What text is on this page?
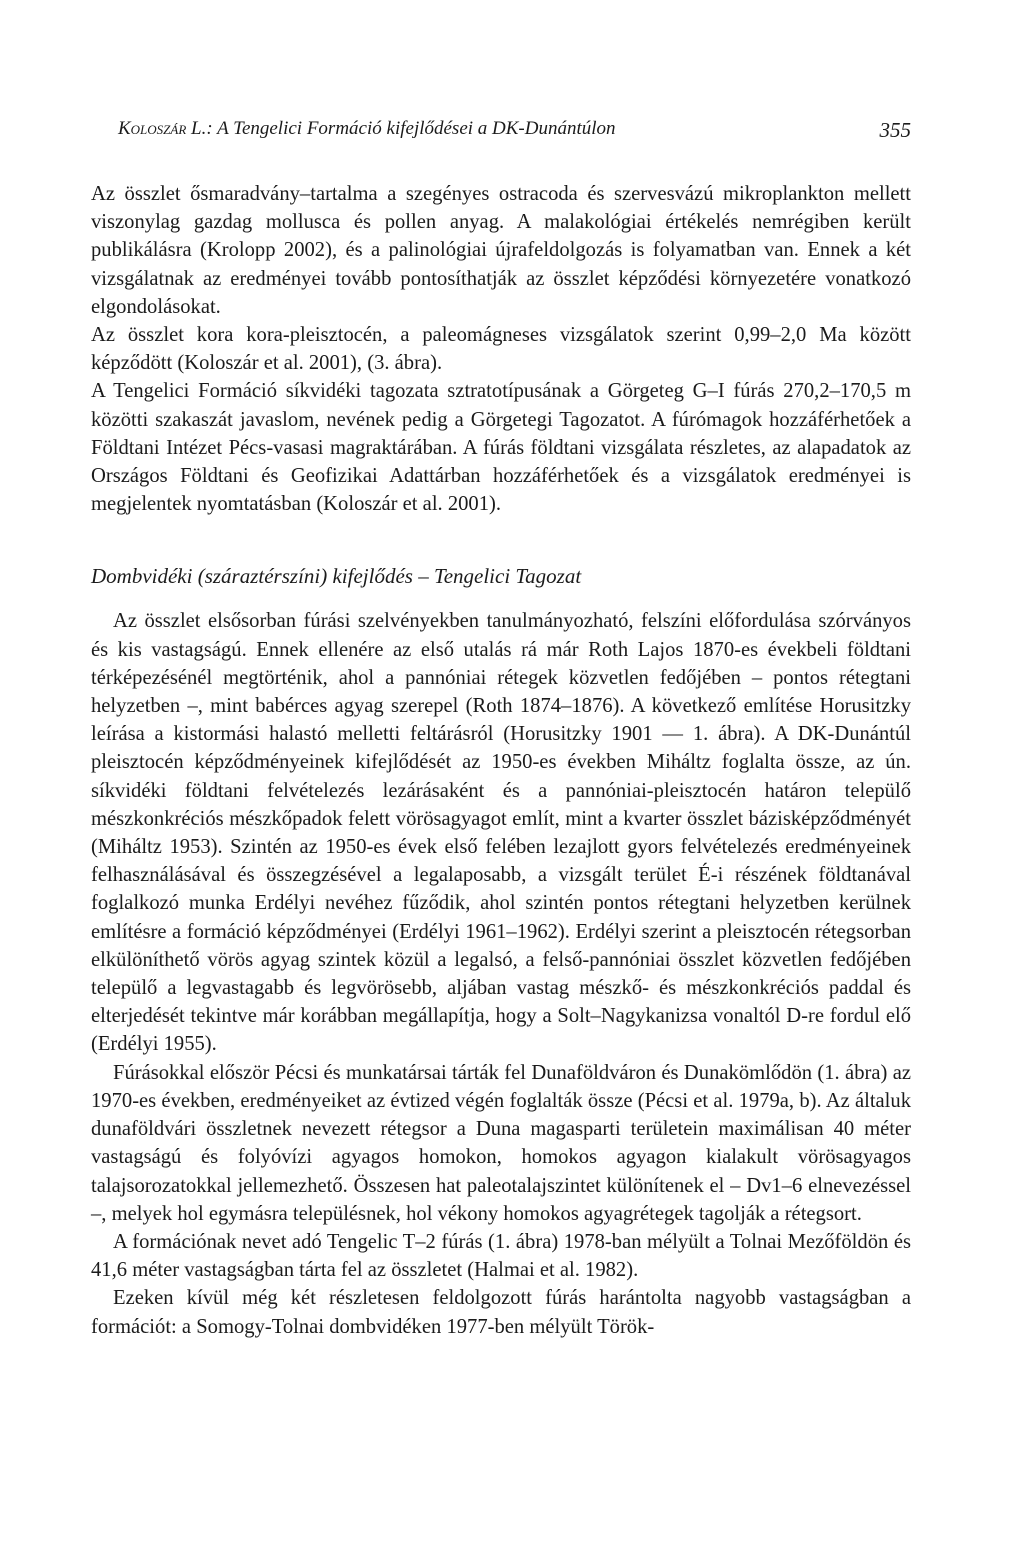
Koloszár L.: A Tengelici Formáció kifejlődései a DK-Dunántúlon	355

Az összlet ősmaradvány–tartalma a szegényes ostracoda és szervesvázú mikroplankton mellett viszonylag gazdag mollusca és pollen anyag. A malakológiai értékelés nemrégiben került publikálásra (Krolopp 2002), és a palinológiai újrafeldolgozás is folyamatban van. Ennek a két vizsgálatnak az eredményei tovább pontosíthatják az összlet képződési környezetére vonatkozó elgondolásokat.

Az összlet kora kora-pleisztocén, a paleomágneses vizsgálatok szerint 0,99–2,0 Ma között képződött (Koloszár et al. 2001), (3. ábra).

A Tengelici Formáció síkvidéki tagozata sztratotípusának a Görgeteg G–I fúrás 270,2–170,5 m közötti szakaszát javaslom, nevének pedig a Görgetegi Tagozatot. A fúrómagok hozzáférhetőek a Földtani Intézet Pécs-vasasi magraktárában. A fúrás földtani vizsgálata részletes, az alapadatok az Országos Földtani és Geofizikai Adattárban hozzáférhetőek és a vizsgálatok eredményei is megjelentek nyomtatásban (Koloszár et al. 2001).

Dombvidéki (száraztérszíni) kifejlődés – Tengelici Tagozat

Az összlet elsősorban fúrási szelvényekben tanulmányozható, felszíni előfordulása szórványos és kis vastagságú. Ennek ellenére az első utalás rá már Roth Lajos 1870-es évekbeli földtani térképezésénél megtörténik, ahol a pannóniai rétegek közvetlen fedőjében – pontos rétegtani helyzetben –, mint babérces agyag szerepel (Roth 1874–1876). A következő említése Horusitzky leírása a kistormási halastó melletti feltárásról (Horusitzky 1901 — 1. ábra). A DK-Dunántúl pleisztocén képződményeinek kifejlődését az 1950-es években Miháltz foglalta össze, az ún. síkvidéki földtani felvételezés lezárásaként és a pannóniai-pleisztocén határon települő mészkonkréciós mészkőpadok felett vörösagyagot említ, mint a kvarter összlet bázisképződményét (Miháltz 1953). Szintén az 1950-es évek első felében lezajlott gyors felvételezés eredményeinek felhasználásával és összegzésével a legalaposabb, a vizsgált terület É-i részének földtanával foglalkozó munka Erdélyi nevéhez fűződik, ahol szintén pontos rétegtani helyzetben kerülnek említésre a formáció képződményei (Erdélyi 1961–1962). Erdélyi szerint a pleisztocén rétegsorban elkülöníthető vörös agyag szintek közül a legalsó, a felső-pannóniai összlet közvetlen fedőjében települő a legvastagabb és legvörösebb, aljában vastag mészkő- és mészkonkréciós paddal és elterjedését tekintve már korábban megállapítja, hogy a Solt–Nagykanizsa vonaltól D-re fordul elő (Erdélyi 1955).

Fúrásokkal először Pécsi és munkatársai tárták fel Dunaföldváron és Dunakömlődön (1. ábra) az 1970-es években, eredményeiket az évtized végén foglalták össze (Pécsi et al. 1979a, b). Az általuk dunaföldvári összletnek nevezett rétegsor a Duna magasparti területein maximálisan 40 méter vastagságú és folyóvízi agyagos homokon, homokos agyagon kialakult vörösagyagos talajsorozatokkal jellemezhető. Összesen hat paleotalajszintet különítenek el – Dv1–6 elnevezéssel –, melyek hol egymásra településnek, hol vékony homokos agyagrétegek tagolják a rétegsort.

A formációnak nevet adó Tengelic T–2 fúrás (1. ábra) 1978-ban mélyült a Tolnai Mezőföldön és 41,6 méter vastagságban tárta fel az összletet (Halmai et al. 1982).

Ezeken kívül még két részletesen feldolgozott fúrás harántolta nagyobb vastagságban a formációt: a Somogy-Tolnai dombvidéken 1977-ben mélyült Török-
